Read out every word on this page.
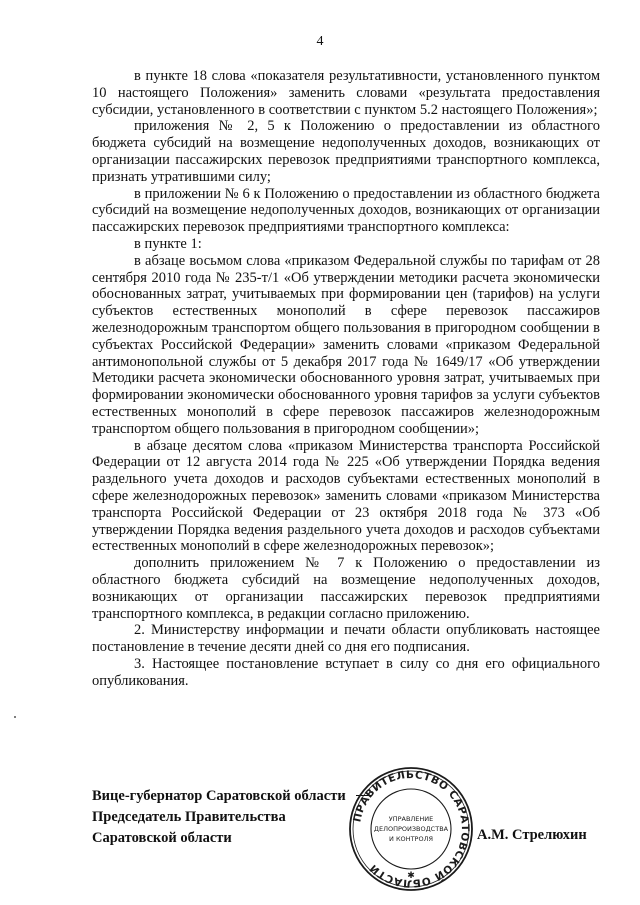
4

в пункте 18 слова «показателя результативности, установленного пунктом 10 настоящего Положения» заменить словами «результата предоставления субсидии, установленного в соответствии с пунктом 5.2 настоящего Положения»;

приложения № 2, 5 к Положению о предоставлении из областного бюджета субсидий на возмещение недополученных доходов, возникающих от организации пассажирских перевозок предприятиями транспортного комплекса, признать утратившими силу;

в приложении № 6 к Положению о предоставлении из областного бюджета субсидий на возмещение недополученных доходов, возникающих от организации пассажирских перевозок предприятиями транспортного комплекса:

в пункте 1:

в абзаце восьмом слова «приказом Федеральной службы по тарифам от 28 сентября 2010 года № 235-т/1 «Об утверждении методики расчета экономически обоснованных затрат, учитываемых при формировании цен (тарифов) на услуги субъектов естественных монополий в сфере перевозок пассажиров железнодорожным транспортом общего пользования в пригородном сообщении в субъектах Российской Федерации» заменить словами «приказом Федеральной антимонопольной службы от 5 декабря 2017 года № 1649/17 «Об утверждении Методики расчета экономически обоснованного уровня затрат, учитываемых при формировании экономически обоснованного уровня тарифов за услуги субъектов естественных монополий в сфере перевозок пассажиров железнодорожным транспортом общего пользования в пригородном сообщении»;

в абзаце десятом слова «приказом Министерства транспорта Российской Федерации от 12 августа 2014 года № 225 «Об утверждении Порядка ведения раздельного учета доходов и расходов субъектами естественных монополий в сфере железнодорожных перевозок» заменить словами «приказом Министерства транспорта Российской Федерации от 23 октября 2018 года № 373 «Об утверждении Порядка ведения раздельного учета доходов и расходов субъектами естественных монополий в сфере железнодорожных перевозок»;

дополнить приложением № 7 к Положению о предоставлении из областного бюджета субсидий на возмещение недополученных доходов, возникающих от организации пассажирских перевозок предприятиями транспортного комплекса, в редакции согласно приложению.

2. Министерству информации и печати области опубликовать настоящее постановление в течение десяти дней со дня его подписания.

3. Настоящее постановление вступает в силу со дня его официального опубликования.

Вице-губернатор Саратовской области
Председатель Правительства
Саратовской области
ПРАВИТЕЛЬСТВО САРАТОВСКОЙ ОБЛАСТИ
УПРАВЛЕНИЕ
ДЕЛОПРОИЗВОДСТВА
И КОНТРОЛЯ
✱
А.М. Стрелюхин
